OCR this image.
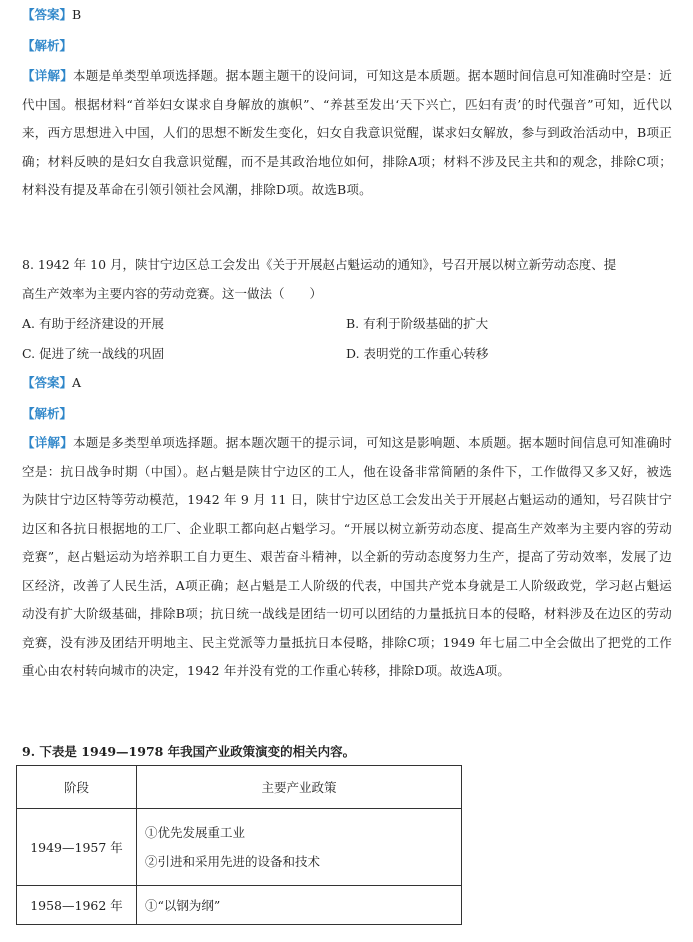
【答案】B
【解析】
【详解】本题是单类型单项选择题。据本题主题干的设问词，可知这是本质题。据本题时间信息可知准确时空是：近代中国。根据材料“首举妇女谋求自身解放的旗帜”、“养甚至发出‘天下兴亡，匹妇有责’的时代强音”可知，近代以来，西方思想进入中国，人们的思想不断发生变化，妇女自我意识觉醒，谋求妇女解放，参与到政治活动中，B项正确；材料反映的是妇女自我意识觉醒，而不是其政治地位如何，排除A项；材料不涉及民主共和的观念，排除C项；材料没有提及革命在引领引领社会风潮，排除D项。故选B项。
8. 1942 年 10 月，陕甘宁边区总工会发出《关于开展赵占魁运动的通知》，号召开展以树立新劳动态度、提
高生产效率为主要内容的劳动竞赛。这一做法（　　）
A. 有助于经济建设的开展	B. 有利于阶级基础的扩大
C. 促进了统一战线的巩固	D. 表明党的工作重心转移
【答案】A
【解析】
【详解】本题是多类型单项选择题。据本题次题干的提示词，可知这是影响题、本质题。据本题时间信息可知准确时空是：抗日战争时期（中国）。赵占魁是陕甘宁边区的工人，他在设备非常简陋的条件下，工作做得又多又好，被选为陕甘宁边区特等劳动模范，1942 年 9 月 11 日，陕甘宁边区总工会发出关于开展赵占魁运动的通知，号召陕甘宁边区和各抗日根据地的工厂、企业职工都向赵占魁学习。“开展以树立新劳动态度、提高生产效率为主要内容的劳动竞赛”，赵占魁运动为培养职工自力更生、艰苦奋斗精神，以全新的劳动态度努力生产，提高了劳动效率，发展了边区经济，改善了人民生活，A项正确；赵占魁是工人阶级的代表，中国共产党本身就是工人阶级政党，学习赵占魁运动没有扩大阶级基础，排除B项；抗日统一战线是团结一切可以团结的力量抵抗日本的侵略，材料涉及在边区的劳动竞赛，没有涉及团结开明地主、民主党派等力量抵抗日本侵略，排除C项；1949 年七届二中全会做出了把党的工作重心由农村转向城市的决定，1942 年并没有党的工作重心转移，排除D项。故选A项。
9. 下表是 1949—1978 年我国产业政策演变的相关内容。
阶段	主要产业政策
1949—1957 年	①优先发展重工业
②引进和采用先进的设备和技术

1958—1962 年	①“以钢为纲”
